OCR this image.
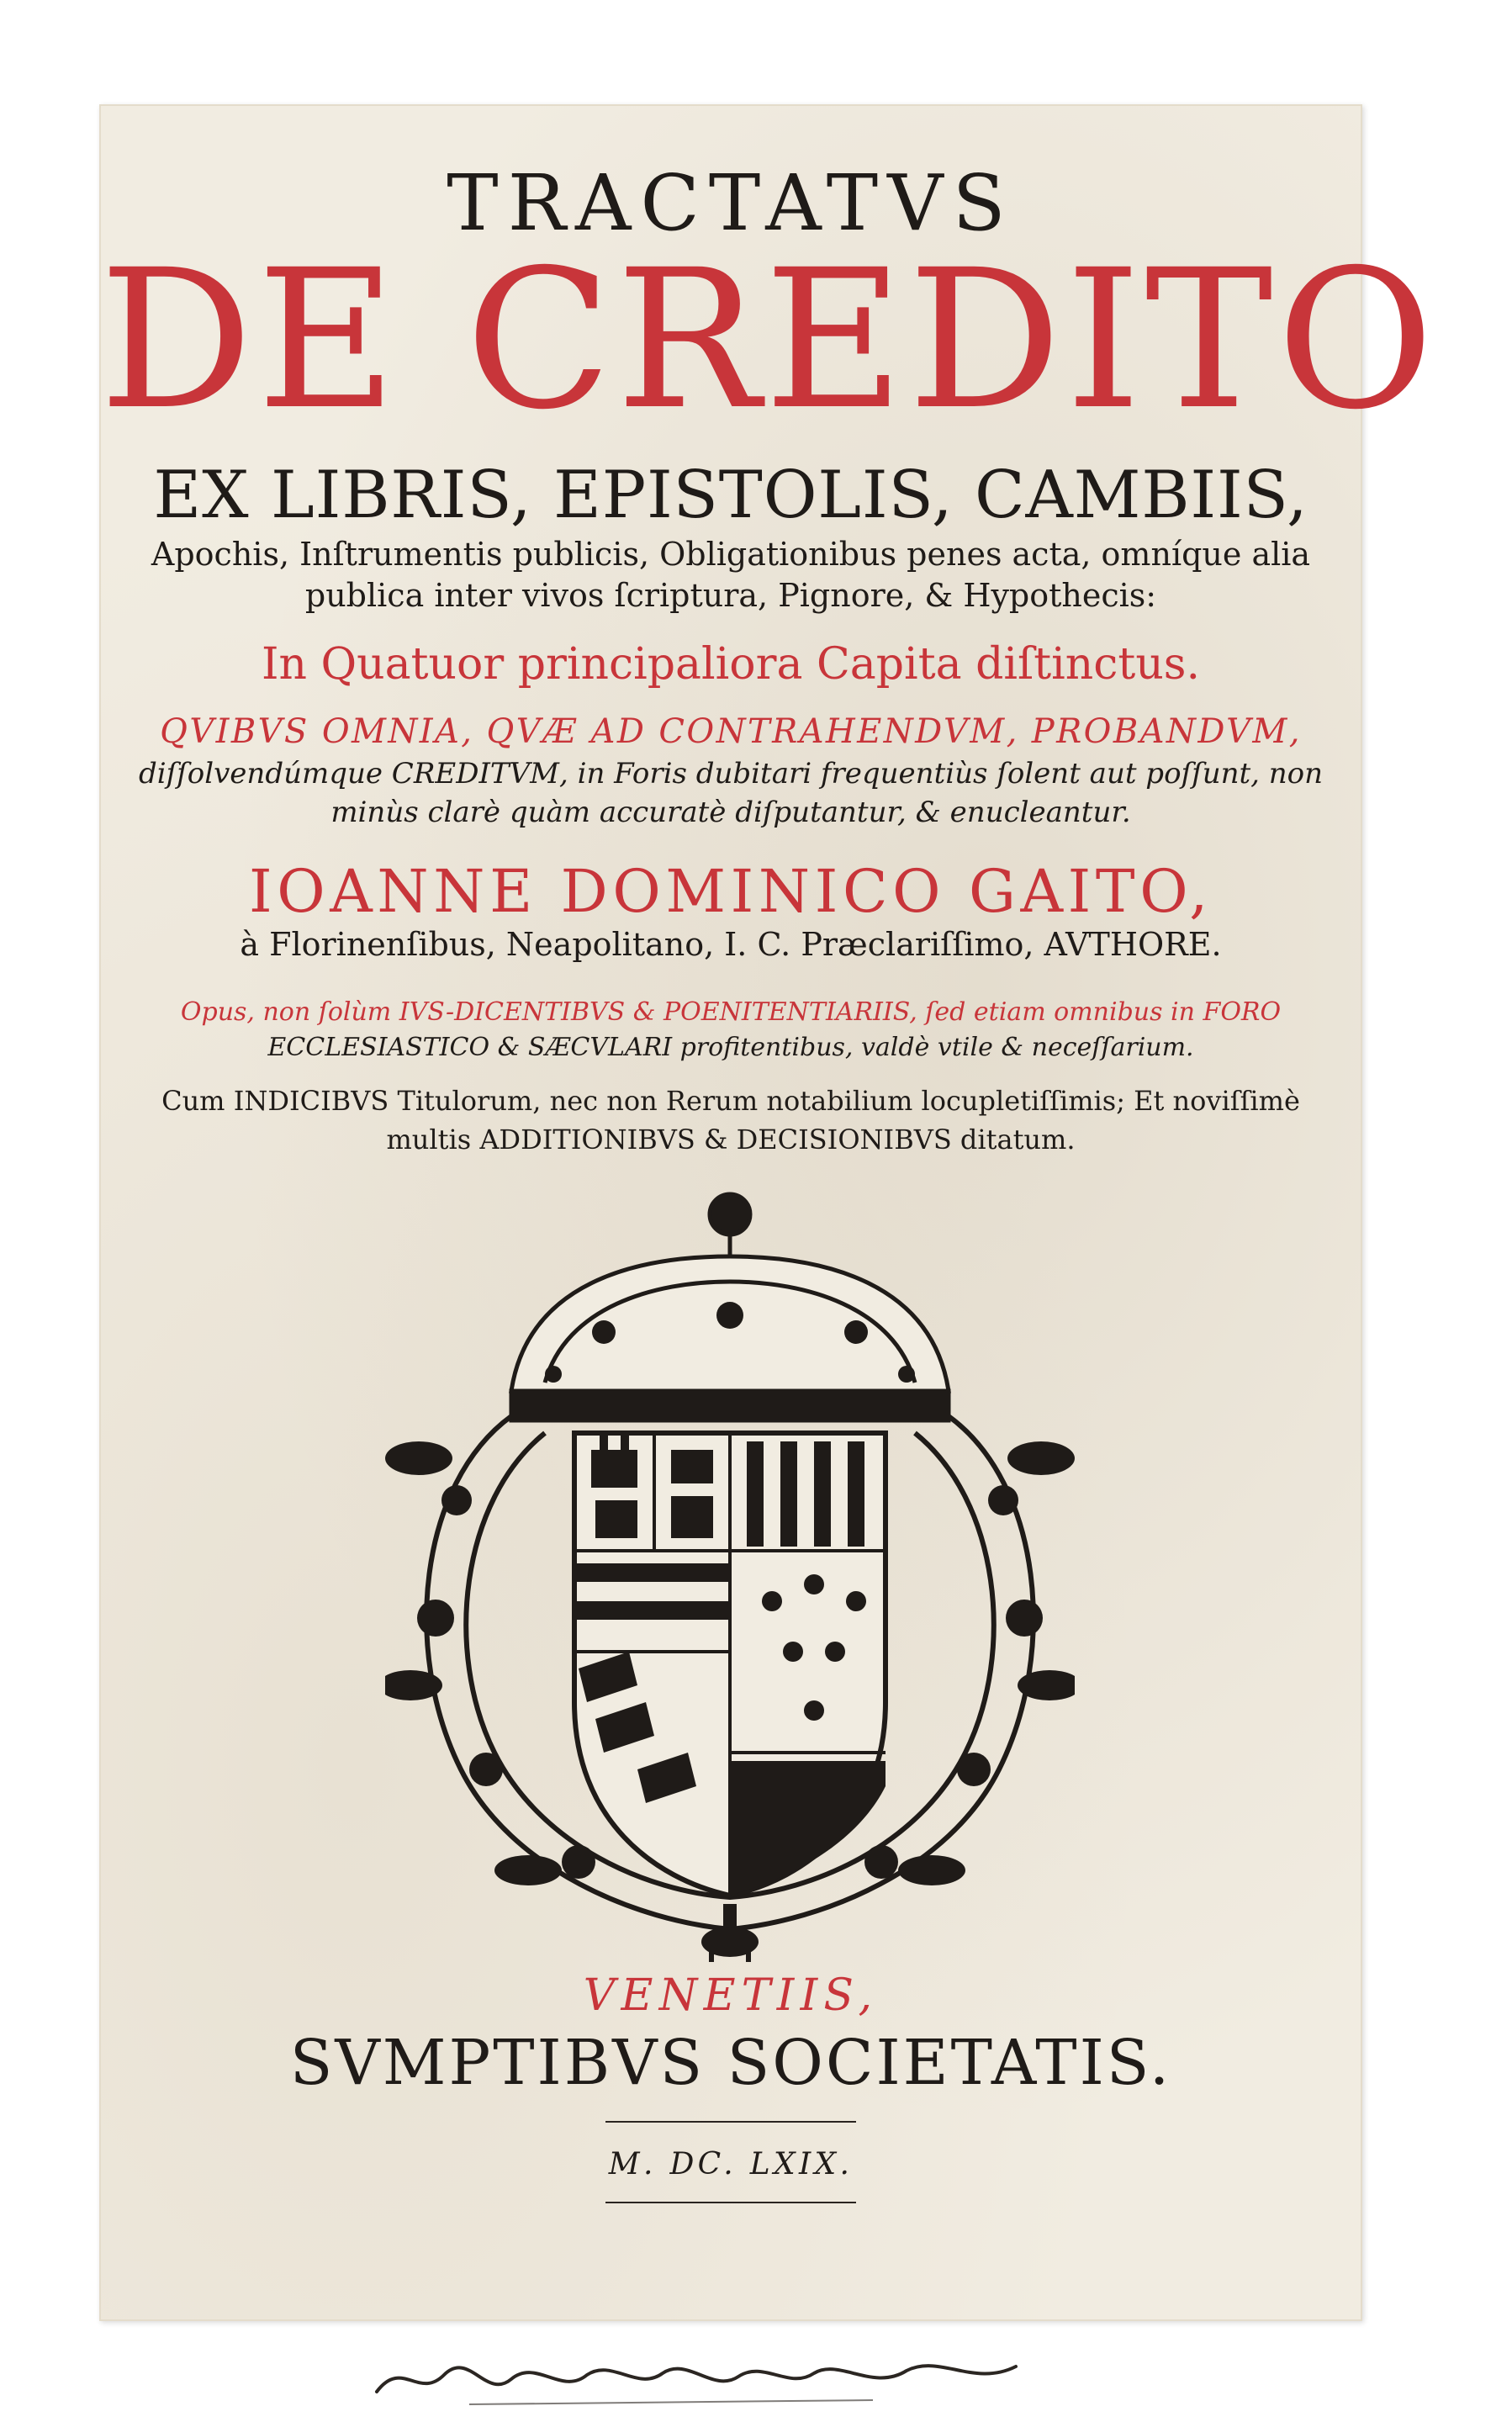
TRACTATVS
DE CREDITO
EX LIBRIS, EPISTOLIS, CAMBIIS,
Apochis, Inſtrumentis publicis, Obligationibus penes acta, omníque alia
publica inter vivos ſcriptura, Pignore, & Hypothecis:
In Quatuor principaliora Capita diſtinctus.
QVIBVS OMNIA, QVÆ AD CONTRAHENDVM, PROBANDVM,
diſſolvendúmque CREDITVM, in Foris dubitari frequentiùs ſolent aut poſſunt, non
minùs clarè quàm accuratè diſputantur, & enucleantur.
IOANNE DOMINICO GAITO,
à Florinenſibus, Neapolitano, I. C. Præclariſſimo, AVTHORE.
Opus, non ſolùm IVS-DICENTIBVS & POENITENTIARIIS, ſed etiam omnibus in FORO
ECCLESIASTICO & SÆCVLARI profitentibus, valdè vtile & neceſſarium.
Cum INDICIBVS Titulorum, nec non Rerum notabilium locupletiſſimis; Et noviſſimè
multis ADDITIONIBVS & DECISIONIBVS ditatum.
VENETIIS,
SVMPTIBVS SOCIETATIS.
M. DC. LXIX.
